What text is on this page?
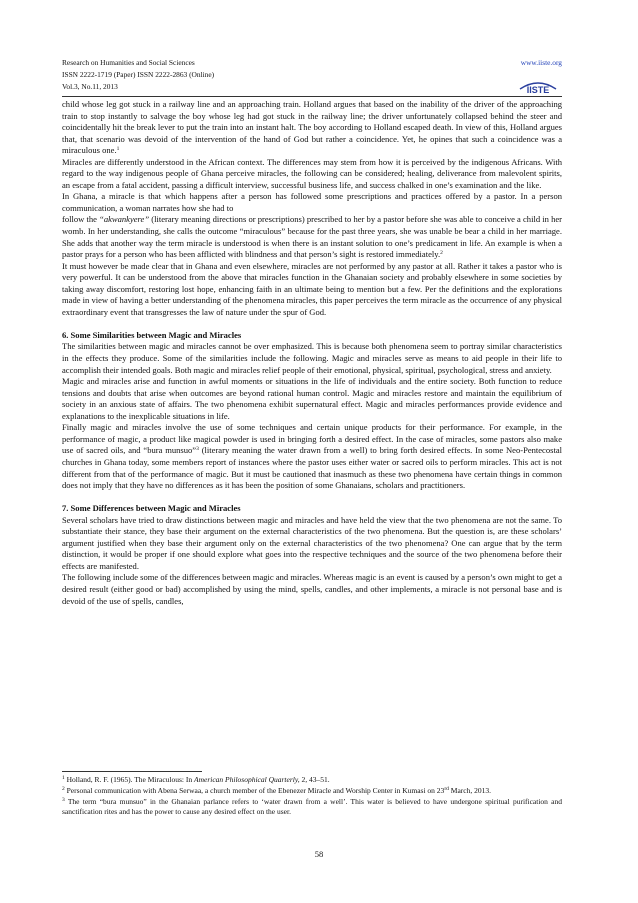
Research on Humanities and Social Sciences
ISSN 2222-1719 (Paper) ISSN 2222-2863 (Online)
Vol.3, No.11, 2013
www.iiste.org
IISTE

child whose leg got stuck in a railway line and an approaching train. Holland argues that based on the inability of the driver of the approaching train to stop instantly to salvage the boy whose leg had got stuck in the railway line; the driver unfortunately collapsed behind the steer and coincidentally hit the break lever to put the train into an instant halt. The boy according to Holland escaped death. In view of this, Holland argues that, that scenario was devoid of the intervention of the hand of God but rather a coincidence. Yet, he opines that such a coincidence was a miraculous one.$^1$

Miracles are differently understood in the African context. The differences may stem from how it is perceived by the indigenous Africans. With regard to the way indigenous people of Ghana perceive miracles, the following can be considered; healing, deliverance from malevolent spirits, an escape from a fatal accident, passing a difficult interview, successful business life, and success chalked in one’s examination and the like.

In Ghana, a miracle is that which happens after a person has followed some prescriptions and practices offered by a pastor. In a person communication, a woman narrates how she had to

follow the “akwankyere” (literary meaning directions or prescriptions) prescribed to her by a pastor before she was able to conceive a child in her womb. In her understanding, she calls the outcome “miraculous” because for the past three years, she was unable be bear a child in her marriage. She adds that another way the term miracle is understood is when there is an instant solution to one’s predicament in life. An example is when a pastor prays for a person who has been afflicted with blindness and that person’s sight is restored immediately.$^2$

It must however be made clear that in Ghana and even elsewhere, miracles are not performed by any pastor at all. Rather it takes a pastor who is very powerful. It can be understood from the above that miracles function in the Ghanaian society and probably elsewhere in some societies by taking away discomfort, restoring lost hope, enhancing faith in an ultimate being to mention but a few. Per the definitions and the explorations made in view of having a better understanding of the phenomena miracles, this paper perceives the term miracle as the occurrence of any physical extraordinary event that transgresses the law of nature under the spur of God.

6. Some Similarities between Magic and Miracles

The similarities between magic and miracles cannot be over emphasized. This is because both phenomena seem to portray similar characteristics in the effects they produce. Some of the similarities include the following. Magic and miracles serve as means to aid people in their life to accomplish their intended goals. Both magic and miracles relief people of their emotional, physical, spiritual, psychological, stress and anxiety.

Magic and miracles arise and function in awful moments or situations in the life of individuals and the entire society. Both function to reduce tensions and doubts that arise when outcomes are beyond rational human control. Magic and miracles restore and maintain the equilibrium of society in an anxious state of affairs. The two phenomena exhibit supernatural effect. Magic and miracles performances provide evidence and explanations to the inexplicable situations in life.

Finally magic and miracles involve the use of some techniques and certain unique products for their performance. For example, in the performance of magic, a product like magical powder is used in bringing forth a desired effect. In the case of miracles, some pastors also make use of sacred oils, and “bura munsuo”$^3$ (literary meaning the water drawn from a well) to bring forth desired effects. In some Neo-Pentecostal churches in Ghana today, some members report of instances where the pastor uses either water or sacred oils to perform miracles. This act is not different from that of the performance of magic. But it must be cautioned that inasmuch as these two phenomena have certain things in common does not imply that they have no differences as it has been the position of some Ghanaians, scholars and practitioners.

7. Some Differences between Magic and Miracles

Several scholars have tried to draw distinctions between magic and miracles and have held the view that the two phenomena are not the same. To substantiate their stance, they base their argument on the external characteristics of the two phenomena. But the question is, are these scholars’ argument justified when they base their argument only on the external characteristics of the two phenomena? One can argue that by the term distinction, it would be proper if one should explore what goes into the respective techniques and the source of the two phenomena before their effects are manifested.

The following include some of the differences between magic and miracles. Whereas magic is an event is caused by a person’s own might to get a desired result (either good or bad) accomplished by using the mind, spells, candles, and other implements, a miracle is not personal base and is devoid of the use of spells, candles,

$^1$ Holland, R. F. (1965). The Miraculous: In American Philosophical Quarterly, 2, 43–51.

$^2$ Personal communication with Abena Serwaa, a church member of the Ebenezer Miracle and Worship Center in Kumasi on 23rd March, 2013.

$^3$ The term “bura munsuo” in the Ghanaian parlance refers to ‘water drawn from a well’. This water is believed to have undergone spiritual purification and sanctification rites and has the power to cause any desired effect on the user.

58
